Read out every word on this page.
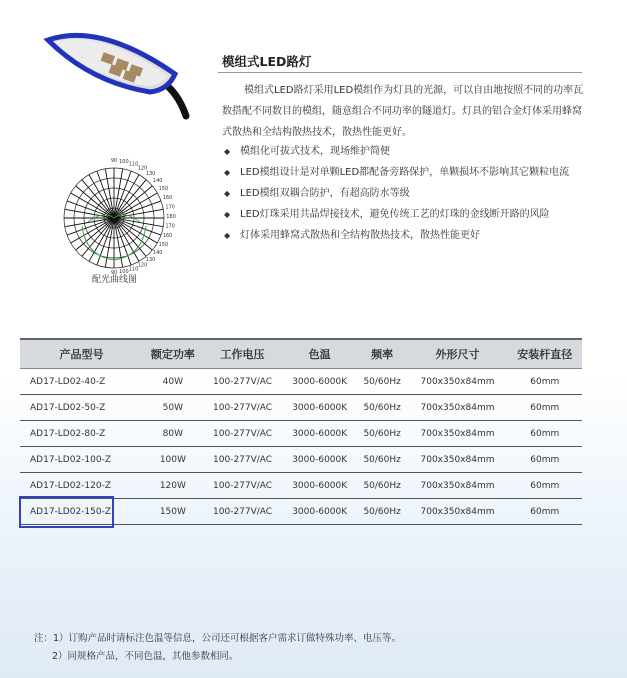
180
170
170
160
160
150
150
140
140
130
130
120
120
110
110
100
100
90
90
配光曲线图
模组式LED路灯
模组式LED路灯采用LED模组作为灯具的光源，可以自由地按照不同的功率瓦数搭配不同数目的模组，随意组合不同功率的隧道灯。灯具的铝合金灯体采用蜂窝式散热和全结构散热技术，散热性能更好。
◆ 模组化可拔式技术，现场维护简便
◆ LED模组设计是对单颗LED都配备旁路保护，单颗损坏不影响其它颗粒电流
◆ LED模组双耦合防护，有超高防水等级
◆ LED灯珠采用共晶焊接技术，避免传统工艺的灯珠的金线断开路的风险
◆ 灯体采用蜂窝式散热和全结构散热技术，散热性能更好
产品型号	额定功率	工作电压	色温	频率	外形尺寸	安装杆直径
AD17-LD02-40-Z	40W	100-277V/AC	3000-6000K	50/60Hz	700x350x84mm	60mm
AD17-LD02-50-Z	50W	100-277V/AC	3000-6000K	50/60Hz	700x350x84mm	60mm
AD17-LD02-80-Z	80W	100-277V/AC	3000-6000K	50/60Hz	700x350x84mm	60mm
AD17-LD02-100-Z	100W	100-277V/AC	3000-6000K	50/60Hz	700x350x84mm	60mm
AD17-LD02-120-Z	120W	100-277V/AC	3000-6000K	50/60Hz	700x350x84mm	60mm
AD17-LD02-150-Z	150W	100-277V/AC	3000-6000K	50/60Hz	700x350x84mm	60mm
注：1）订购产品时请标注色温等信息，公司还可根据客户需求订做特殊功率、电压等。
2）同规格产品，不同色温，其他参数相同。
